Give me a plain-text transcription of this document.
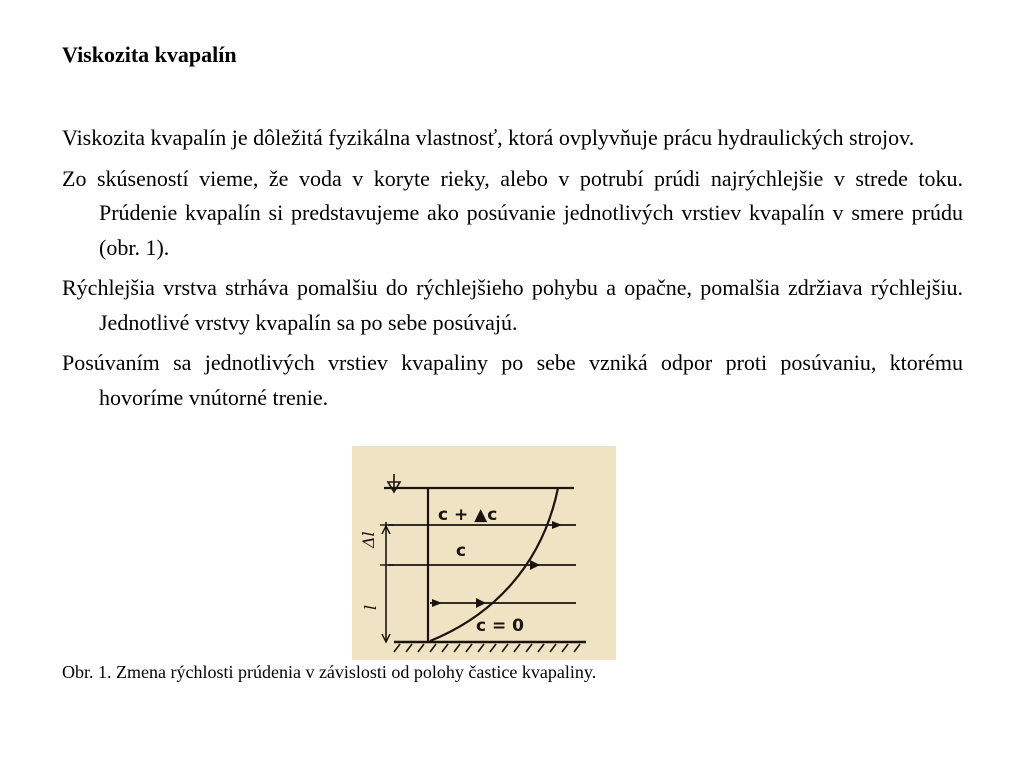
Viskozita kvapalín

Viskozita kvapalín je dôležitá fyzikálna vlastnosť, ktorá ovplyvňuje prácu hydraulických strojov.

Zo skúseností vieme, že voda v koryte rieky, alebo v potrubí prúdi najrýchlejšie v strede toku. Prúdenie kvapalín si predstavujeme ako posúvanie jednotlivých vrstiev kvapalín v smere prúdu (obr. 1).

Rýchlejšia vrstva strháva pomalšiu do rýchlejšieho pohybu a opačne, pomalšia zdržiava rýchlejšiu. Jednotlivé vrstvy kvapalín sa po sebe posúvajú.

Posúvaním sa jednotlivých vrstiev kvapaliny po sebe vzniká odpor proti posúvaniu, ktorému hovoríme vnútorné trenie.

c + ▲c
c
c = 0
Δl
l

Obr. 1. Zmena rýchlosti prúdenia v závislosti od polohy častice kvapaliny.
